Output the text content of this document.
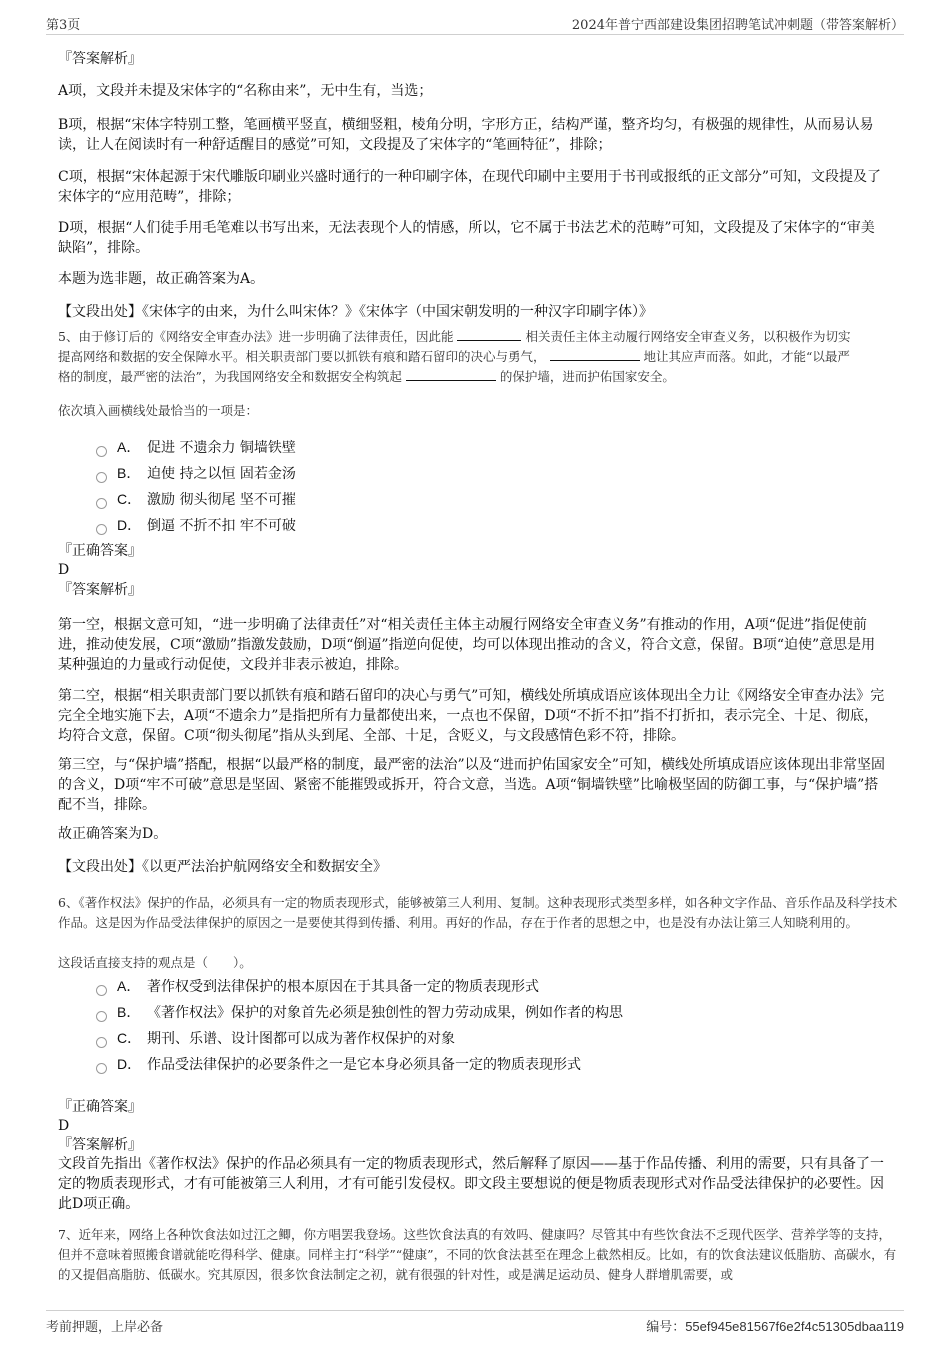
第3页	2024年普宁西部建设集团招聘笔试冲刺题（带答案解析）

『答案解析』

A项，文段并未提及宋体字的“名称由来”，无中生有，当选；

B项，根据“宋体字特别工整，笔画横平竖直，横细竖粗，棱角分明，字形方正，结构严谨，整齐均匀，有极强的规律性，从而易认易读，让人在阅读时有一种舒适醒目的感觉”可知，文段提及了宋体字的“笔画特征”，排除；

C项，根据“宋体起源于宋代雕版印刷业兴盛时通行的一种印刷字体，在现代印刷中主要用于书刊或报纸的正文部分”可知，文段提及了宋体字的“应用范畴”，排除；

D项，根据“人们徒手用毛笔难以书写出来，无法表现个人的情感，所以，它不属于书法艺术的范畴”可知，文段提及了宋体字的“审美缺陷”，排除。

本题为选非题，故正确答案为A。

【文段出处】《宋体字的由来，为什么叫宋体？》《宋体字（中国宋朝发明的一种汉字印刷字体）》

5、由于修订后的《网络安全审查办法》进一步明确了法律责任，因此能	相关责任主体主动履行网络安全审查义务，以积极作为切实
提高网络和数据的安全保障水平。相关职责部门要以抓铁有痕和踏石留印的决心与勇气，	地让其应声而落。如此，才能“以最严
格的制度，最严密的法治”，为我国网络安全和数据安全构筑起	的保护墙，进而护佑国家安全。

依次填入画横线处最恰当的一项是：

A． 促进 不遗余力 铜墙铁壁
B． 迫使 持之以恒 固若金汤
C． 激励 彻头彻尾 坚不可摧
D． 倒逼 不折不扣 牢不可破

『正确答案』

D

『答案解析』

第一空，根据文意可知，“进一步明确了法律责任”对“相关责任主体主动履行网络安全审查义务”有推动的作用，A项“促进”指促使前进，推动使发展，C项“激励”指激发鼓励，D项“倒逼”指逆向促使，均可以体现出推动的含义，符合文意，保留。B项“迫使”意思是用某种强迫的力量或行动促使，文段并非表示被迫，排除。

第二空，根据“相关职责部门要以抓铁有痕和踏石留印的决心与勇气”可知，横线处所填成语应该体现出全力让《网络安全审查办法》完完全全地实施下去，A项“不遗余力”是指把所有力量都使出来，一点也不保留，D项“不折不扣”指不打折扣，表示完全、十足、彻底，均符合文意，保留。C项“彻头彻尾”指从头到尾、全部、十足，含贬义，与文段感情色彩不符，排除。

第三空，与“保护墙”搭配，根据“以最严格的制度，最严密的法治”以及“进而护佑国家安全”可知，横线处所填成语应该体现出非常坚固的含义，D项“牢不可破”意思是坚固、紧密不能摧毁或拆开，符合文意，当选。A项“铜墙铁壁”比喻极坚固的防御工事，与“保护墙”搭配不当，排除。

故正确答案为D。

【文段出处】《以更严法治护航网络安全和数据安全》

6、《著作权法》保护的作品，必须具有一定的物质表现形式，能够被第三人利用、复制。这种表现形式类型多样，如各种文字作品、音乐作品及科学技术作品。这是因为作品受法律保护的原因之一是要使其得到传播、利用。再好的作品，存在于作者的思想之中，也是没有办法让第三人知晓利用的。

这段话直接支持的观点是（　　）。

A． 著作权受到法律保护的根本原因在于其具备一定的物质表现形式
B． 《著作权法》保护的对象首先必须是独创性的智力劳动成果，例如作者的构思
C． 期刊、乐谱、设计图都可以成为著作权保护的对象
D． 作品受法律保护的必要条件之一是它本身必须具备一定的物质表现形式

『正确答案』

D

『答案解析』

文段首先指出《著作权法》保护的作品必须具有一定的物质表现形式，然后解释了原因——基于作品传播、利用的需要，只有具备了一定的物质表现形式，才有可能被第三人利用，才有可能引发侵权。即文段主要想说的便是物质表现形式对作品受法律保护的必要性。因此D项正确。

7、近年来，网络上各种饮食法如过江之鲫，你方唱罢我登场。这些饮食法真的有效吗、健康吗？尽管其中有些饮食法不乏现代医学、营养学等的支持，但并不意味着照搬食谱就能吃得科学、健康。同样主打“科学”“健康”，不同的饮食法甚至在理念上截然相反。比如，有的饮食法建议低脂肪、高碳水，有的又提倡高脂肪、低碳水。究其原因，很多饮食法制定之初，就有很强的针对性，或是满足运动员、健身人群增肌需要，或

考前押题，上岸必备	编号：55ef945e81567f6e2f4c51305dbaa119
